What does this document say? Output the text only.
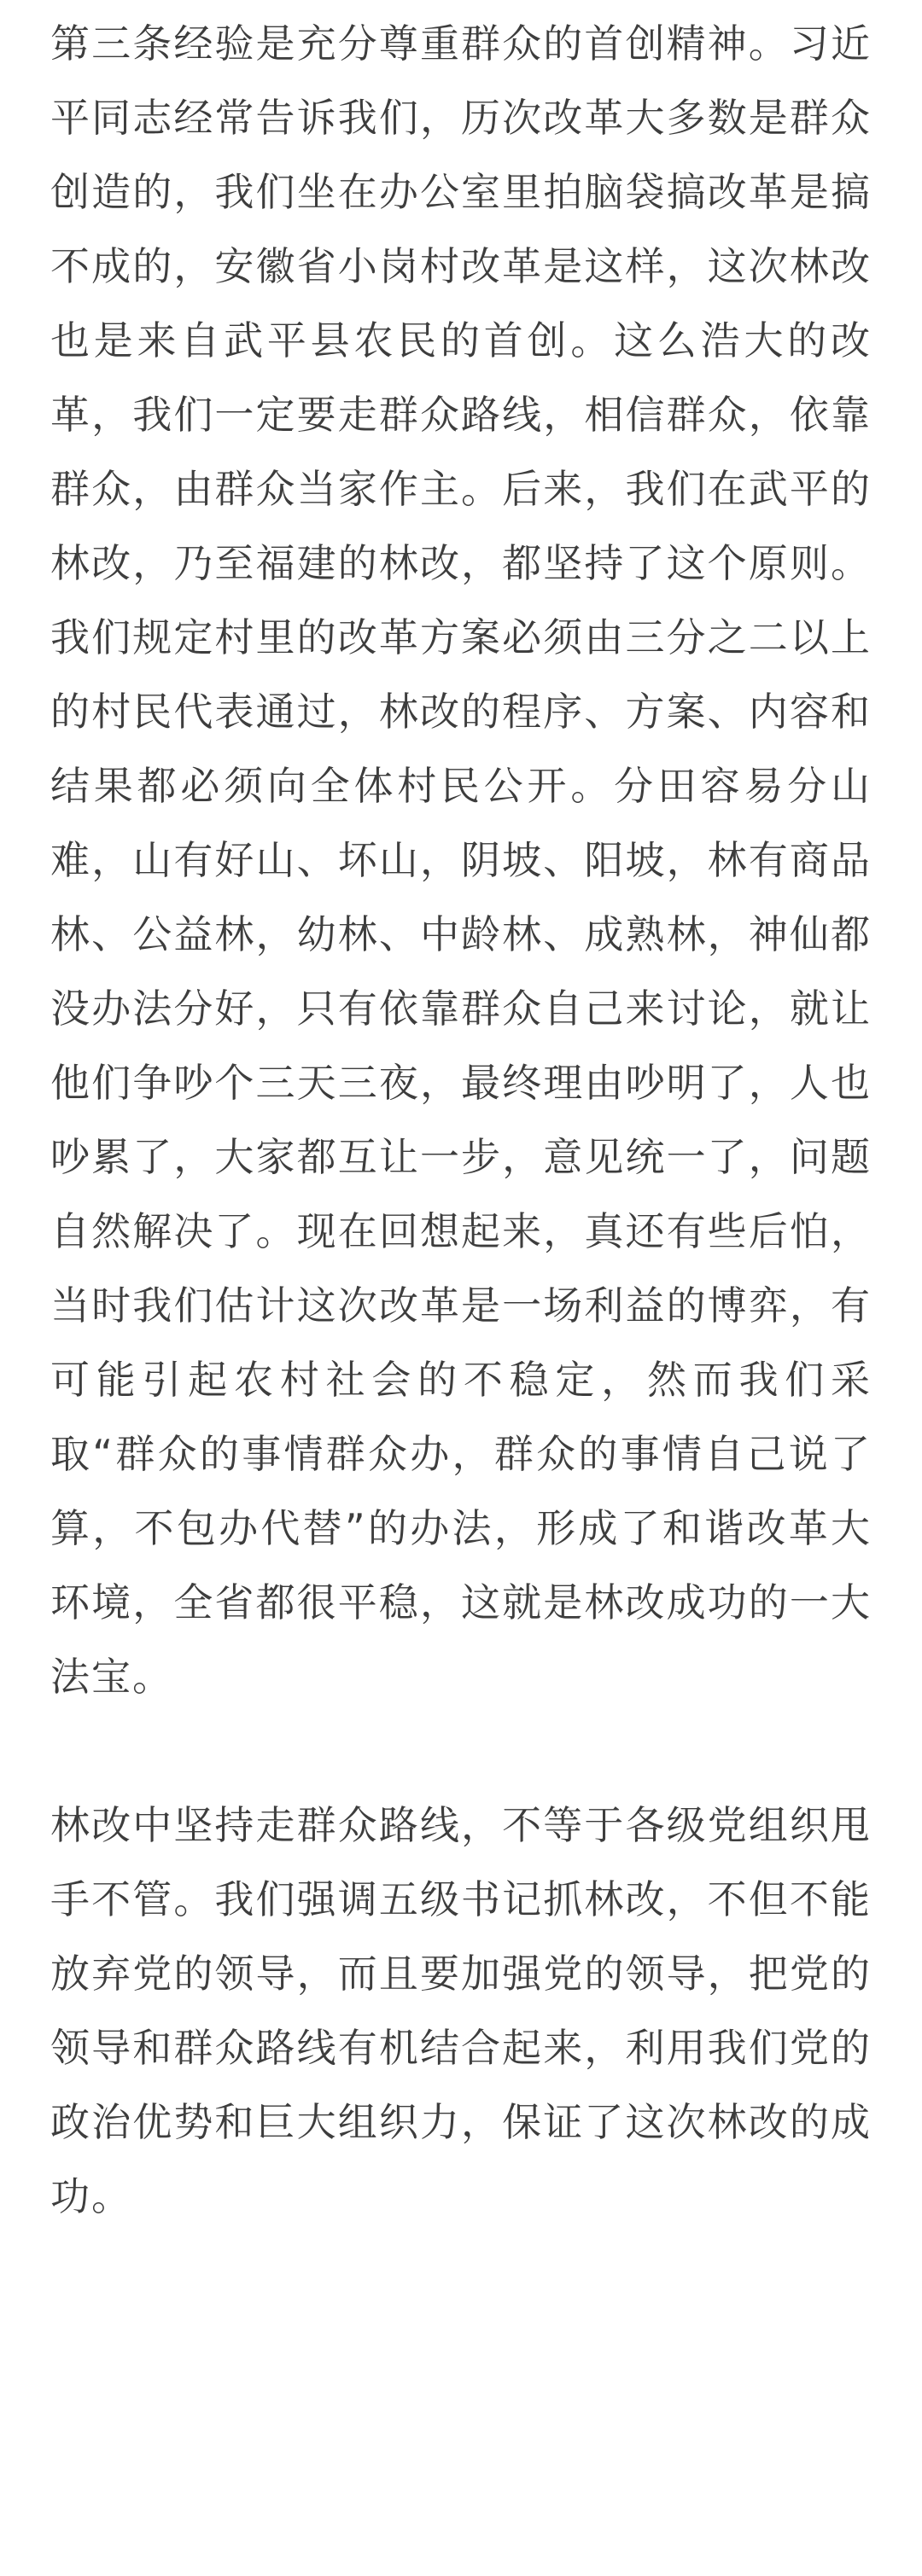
第三条经验是充分尊重群众的首创精神。习近平同志经常告诉我们，历次改革大多数是群众创造的，我们坐在办公室里拍脑袋搞改革是搞不成的，安徽省小岗村改革是这样，这次林改也是来自武平县农民的首创。这么浩大的改革，我们一定要走群众路线，相信群众，依靠群众，由群众当家作主。后来，我们在武平的林改，乃至福建的林改，都坚持了这个原则。我们规定村里的改革方案必须由三分之二以上的村民代表通过，林改的程序、方案、内容和结果都必须向全体村民公开。分田容易分山难，山有好山、坏山，阴坡、阳坡，林有商品林、公益林，幼林、中龄林、成熟林，神仙都没办法分好，只有依靠群众自己来讨论，就让他们争吵个三天三夜，最终理由吵明了，人也吵累了，大家都互让一步，意见统一了，问题自然解决了。现在回想起来，真还有些后怕，当时我们估计这次改革是一场利益的博弈，有可能引起农村社会的不稳定，然而我们采取“群众的事情群众办，群众的事情自己说了算，不包办代替”的办法，形成了和谐改革大环境，全省都很平稳，这就是林改成功的一大法宝。

林改中坚持走群众路线，不等于各级党组织甩手不管。我们强调五级书记抓林改，不但不能放弃党的领导，而且要加强党的领导，把党的领导和群众路线有机结合起来，利用我们党的政治优势和巨大组织力，保证了这次林改的成功。
